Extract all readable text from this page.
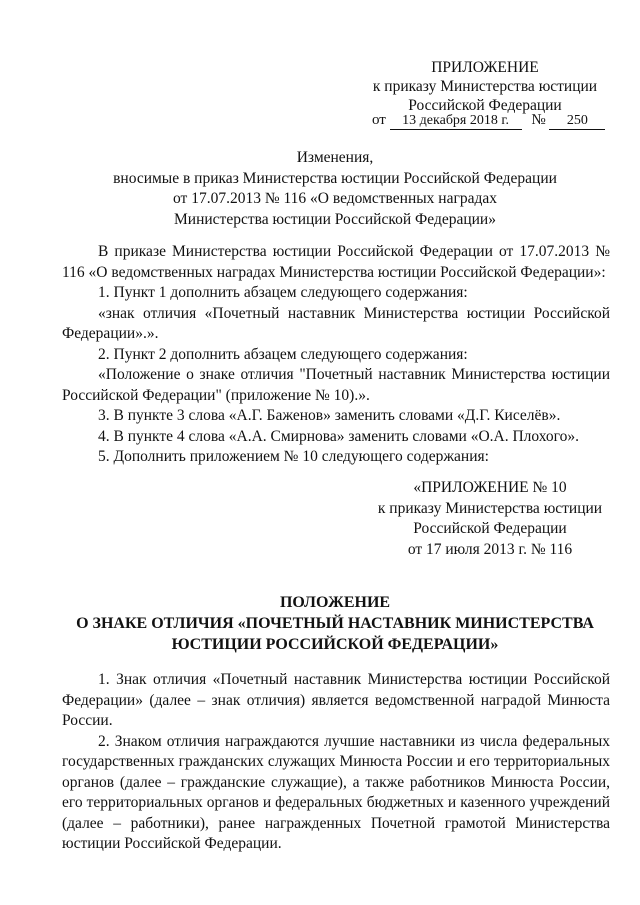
ПРИЛОЖЕНИЕ
к приказу Министерства юстиции
Российской Федерации
от 13 декабря 2018 г. № 250
Изменения,
вносимые в приказ Министерства юстиции Российской Федерации
от 17.07.2013 № 116 «О ведомственных наградах
Министерства юстиции Российской Федерации»

В приказе Министерства юстиции Российской Федерации от 17.07.2013 № 116 «О ведомственных наградах Министерства юстиции Российской Федерации»:

1. Пункт 1 дополнить абзацем следующего содержания:

«знак отличия «Почетный наставник Министерства юстиции Российской Федерации».».

2. Пункт 2 дополнить абзацем следующего содержания:

«Положение о знаке отличия "Почетный наставник Министерства юстиции Российской Федерации" (приложение № 10).».

3. В пункте 3 слова «А.Г. Баженов» заменить словами «Д.Г. Киселёв».

4. В пункте 4 слова «А.А. Смирнова» заменить словами «О.А. Плохого».

5. Дополнить приложением № 10 следующего содержания:

«ПРИЛОЖЕНИЕ № 10
к приказу Министерства юстиции
Российской Федерации
от 17 июля 2013 г. № 116
ПОЛОЖЕНИЕ
О ЗНАКЕ ОТЛИЧИЯ «ПОЧЕТНЫЙ НАСТАВНИК МИНИСТЕРСТВА
ЮСТИЦИИ РОССИЙСКОЙ ФЕДЕРАЦИИ»

1. Знак отличия «Почетный наставник Министерства юстиции Российской Федерации» (далее – знак отличия) является ведомственной наградой Минюста России.

2. Знаком отличия награждаются лучшие наставники из числа федеральных государственных гражданских служащих Минюста России и его территориальных органов (далее – гражданские служащие), а также работников Минюста России, его территориальных органов и федеральных бюджетных и казенного учреждений (далее – работники), ранее награжденных Почетной грамотой Министерства юстиции Российской Федерации.
